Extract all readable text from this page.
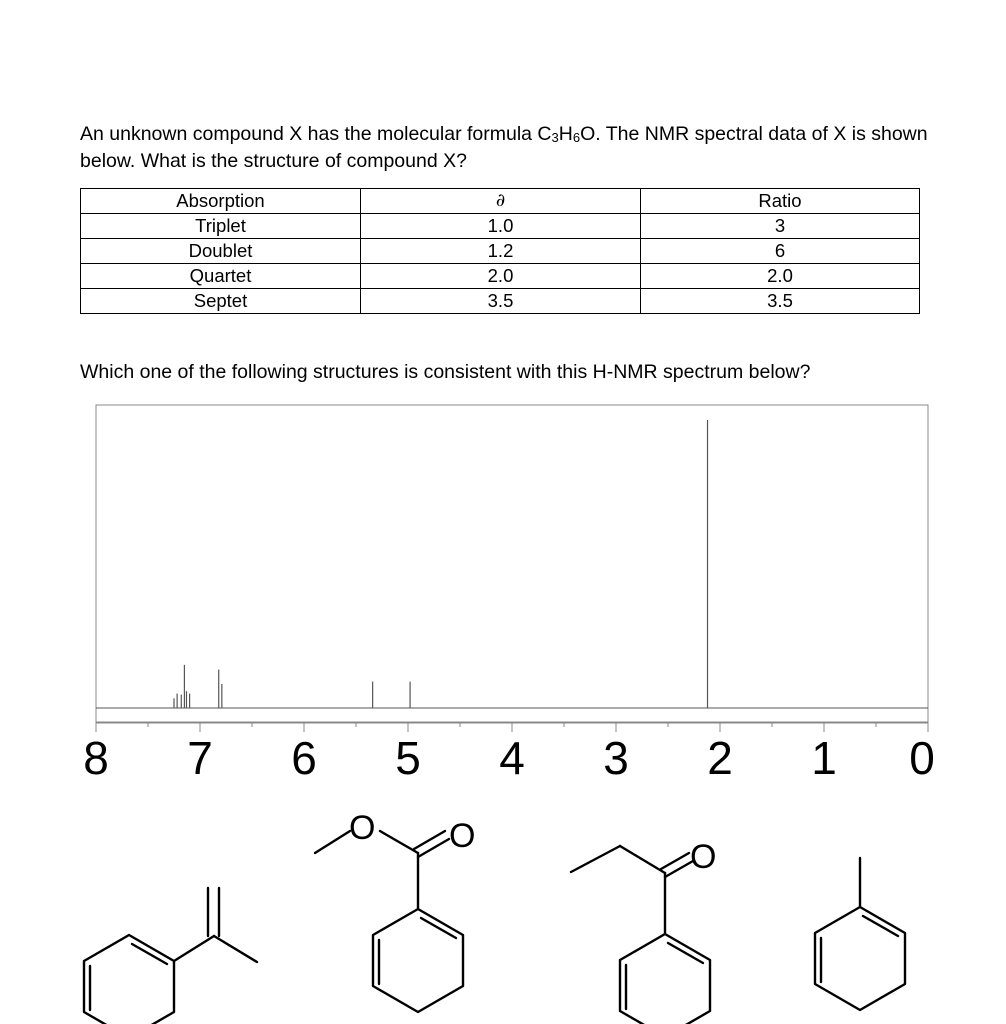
An unknown compound X has the molecular formula $C_3H_6O$. The NMR spectral data of X is shown below. What is the structure of compound X?

Absorption	∂	Ratio
Triplet	1.0	3
Doublet	1.2	6
Quartet	2.0	2.0
Septet	3.5	3.5

Which one of the following structures is consistent with this H-NMR spectrum below?

8 7 6 5 4 3 2 1 0
O O
O
